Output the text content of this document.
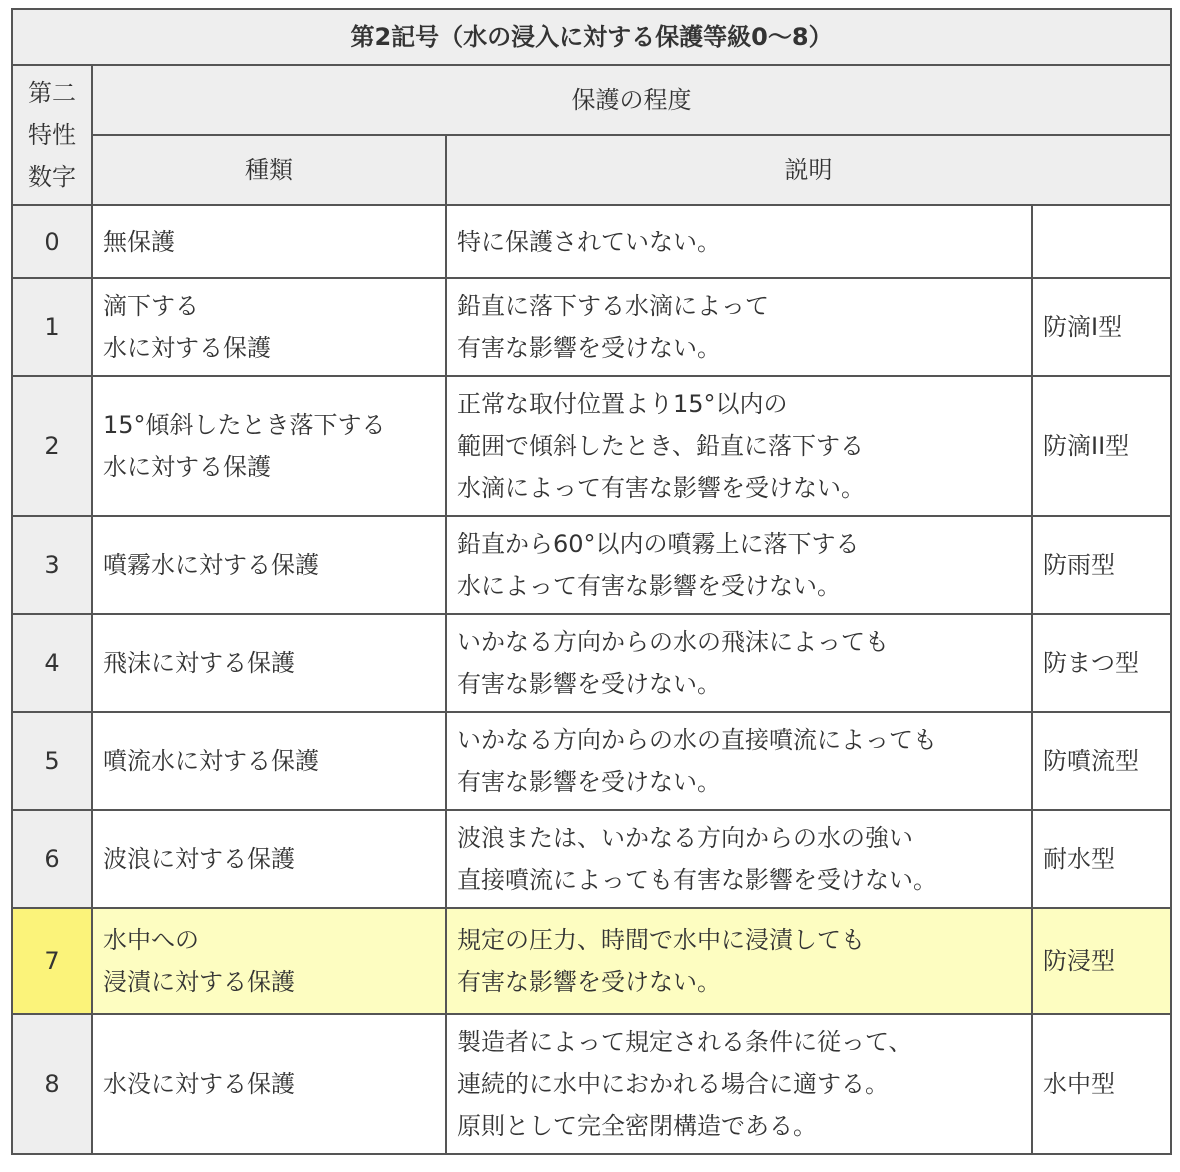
第2記号（水の浸入に対する保護等級0～8）			

第二
特性
数字	保護の程度		
	種類	説明	
0	無保護	特に保護されていない。	

1	滴下する
水に対する保護	鉛直に落下する水滴によって
有害な影響を受けない。	防滴I型
2	15°傾斜したとき落下する
水に対する保護	正常な取付位置より15°以内の
範囲で傾斜したとき、鉛直に落下する
水滴によって有害な影響を受けない。	防滴II型
3	噴霧水に対する保護	鉛直から60°以内の噴霧上に落下する
水によって有害な影響を受けない。	防雨型
4	飛沫に対する保護	いかなる方向からの水の飛沫によっても
有害な影響を受けない。	防まつ型
5	噴流水に対する保護	いかなる方向からの水の直接噴流によっても
有害な影響を受けない。	防噴流型
6	波浪に対する保護	波浪または、いかなる方向からの水の強い
直接噴流によっても有害な影響を受けない。	耐水型
7	水中への
浸漬に対する保護	規定の圧力、時間で水中に浸漬しても
有害な影響を受けない。	防浸型
8	水没に対する保護	製造者によって規定される条件に従って、
連続的に水中におかれる場合に適する。
原則として完全密閉構造である。	水中型
